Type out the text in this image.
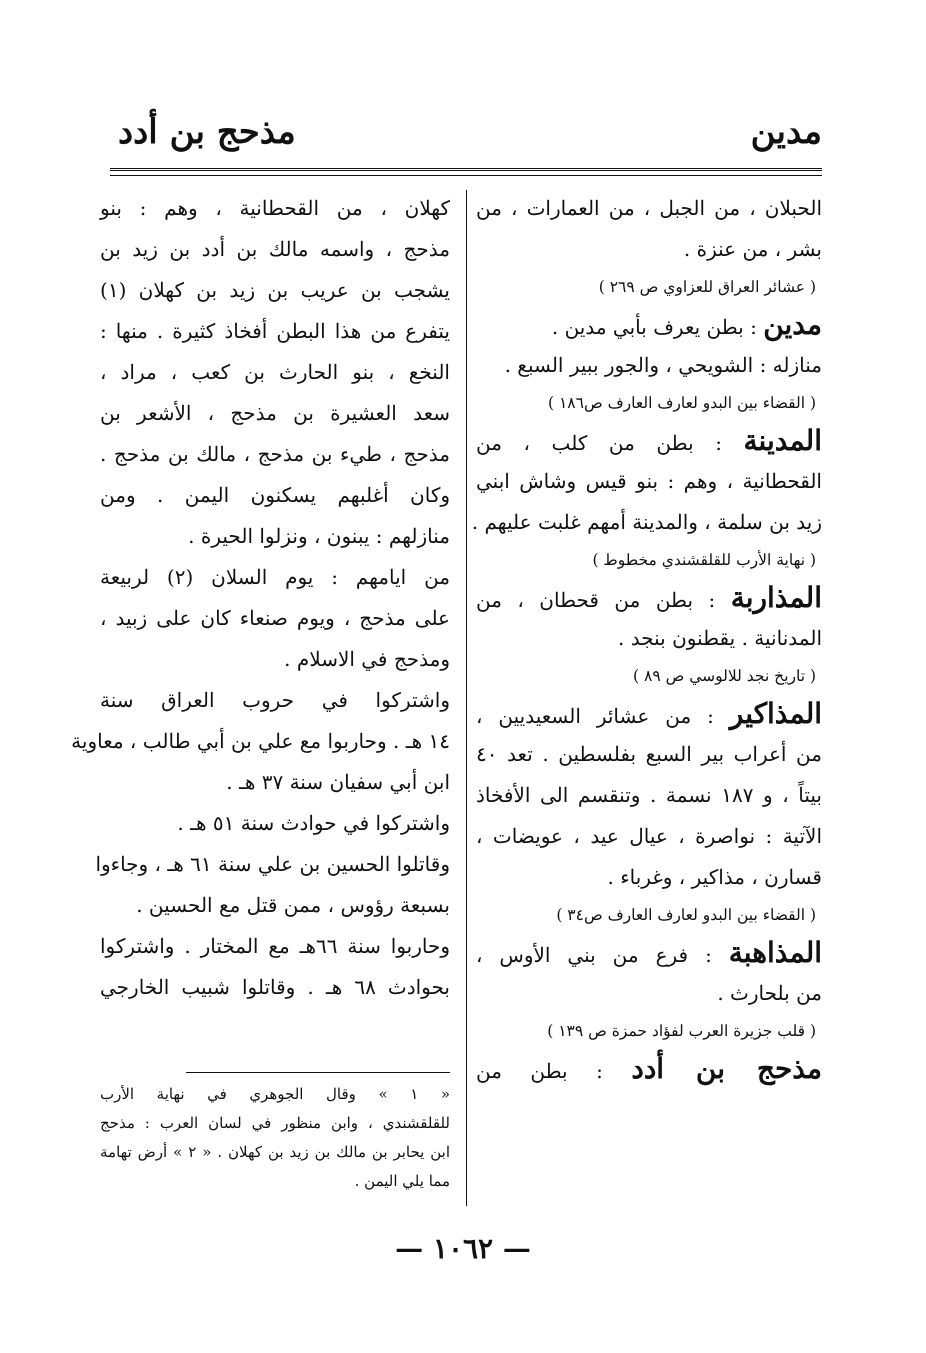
مدين
مذحج بن أدد
الحبلان ، من الجبل ، من العمارات ، من
بشر ، من عنزة .
( عشائر العراق للعزاوي ص ٢٦٩ )
مدين : بطن يعرف بأبي مدين .
منازله : الشويحي ، والجور ببير السبع .
( القضاء بين البدو لعارف العارف ص١٨٦ )
المدينة : بطن من كلب ، من
القحطانية ، وهم : بنو قيس وشاش ابني
زيد بن سلمة ، والمدينة أمهم غلبت عليهم .
( نهاية الأرب للقلقشندي مخطوط )
المذاربة : بطن من قحطان ، من
المدنانية . يقطنون بنجد .
( تاريخ نجد للالوسي ص ٨٩ )
المذاكير : من عشائر السعيديين ،
من أعراب بير السبع بفلسطين . تعد ٤٠
بيتاً ، و ١٨٧ نسمة . وتنقسم الى الأفخاذ
الآتية : نواصرة ، عيال عيد ، عويضات ،
قسارن ، مذاكير ، وغرباء .
( القضاء بين البدو لعارف العارف ص٣٤ )
المذاهبة : فرع من بني الأوس ،
من بلحارث .
( قلب جزيرة العرب لفؤاد حمزة ص ١٣٩ )
مذحج بن أدد : بطن من
كهلان ، من القحطانية ، وهم : بنو
مذحج ، واسمه مالك بن أدد بن زيد بن
يشجب بن عريب بن زيد بن كهلان (١)
يتفرع من هذا البطن أفخاذ كثيرة . منها :
النخع ، بنو الحارث بن كعب ، مراد ،
سعد العشيرة بن مذحج ، الأشعر بن
مذحج ، طيء بن مذحج ، مالك بن مذحج .
وكان أغلبهم يسكنون اليمن . ومن
منازلهم : يبنون ، ونزلوا الحيرة .
من ايامهم : يوم السلان (٢) لربيعة
على مذحج ، ويوم صنعاء كان على زبيد ،
ومذحج في الاسلام .
واشتركوا في حروب العراق سنة
١٤ هـ . وحاربوا مع علي بن أبي طالب ، معاوية
ابن أبي سفيان سنة ٣٧ هـ .
واشتركوا في حوادث سنة ٥١ هـ .
وقاتلوا الحسين بن علي سنة ٦١ هـ ، وجاءوا
بسبعة رؤوس ، ممن قتل مع الحسين .
وحاربوا سنة ٦٦هـ مع المختار . واشتركوا
بحوادث ٦٨ هـ . وقاتلوا شبيب الخارجي
« ١ » وقال الجوهري في نهاية الأرب
للقلقشندي ، وابن منظور في لسان العرب : مذحج
ابن يحابر بن مالك بن زيد بن كهلان . « ٢ » أرض تهامة
مما يلي اليمن .
— ١٠٦٢ —
